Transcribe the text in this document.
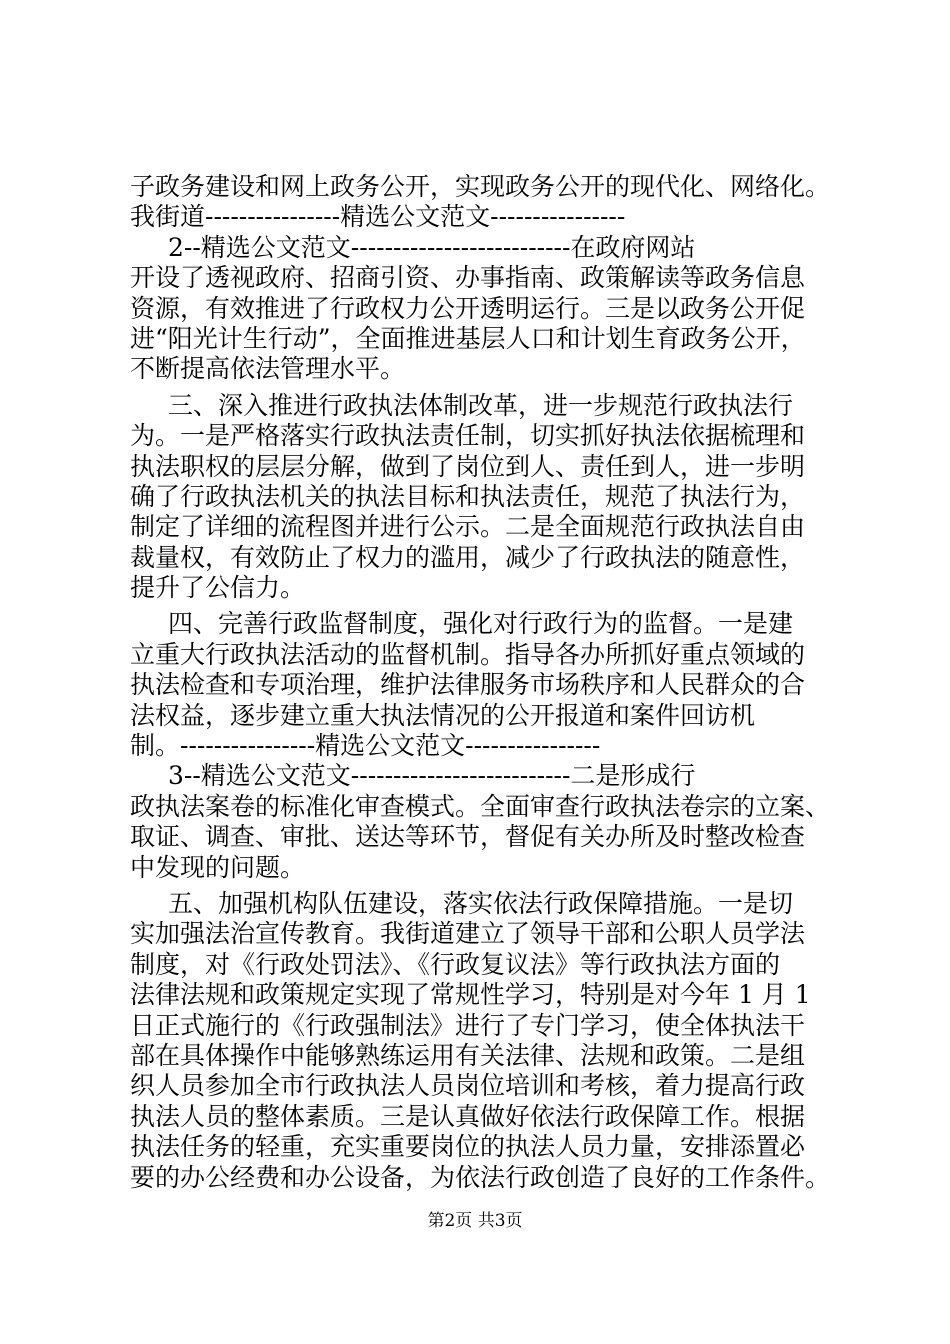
子政务建设和网上政务公开，实现政务公开的现代化、网络化。
我街道----------------精选公文范文----------------
2--精选公文范文--------------------------在政府网站
开设了透视政府、招商引资、办事指南、政策解读等政务信息
资源，有效推进了行政权力公开透明运行。三是以政务公开促
进“阳光计生行动”，全面推进基层人口和计划生育政务公开，
不断提高依法管理水平。
三、深入推进行政执法体制改革，进一步规范行政执法行
为。一是严格落实行政执法责任制，切实抓好执法依据梳理和
执法职权的层层分解，做到了岗位到人、责任到人，进一步明
确了行政执法机关的执法目标和执法责任，规范了执法行为，
制定了详细的流程图并进行公示。二是全面规范行政执法自由
裁量权，有效防止了权力的滥用，减少了行政执法的随意性，
提升了公信力。
四、完善行政监督制度，强化对行政行为的监督。一是建
立重大行政执法活动的监督机制。指导各办所抓好重点领域的
执法检查和专项治理，维护法律服务市场秩序和人民群众的合
法权益，逐步建立重大执法情况的公开报道和案件回访机
制。----------------精选公文范文----------------
3--精选公文范文--------------------------二是形成行
政执法案卷的标准化审查模式。全面审查行政执法卷宗的立案、
取证、调查、审批、送达等环节，督促有关办所及时整改检查
中发现的问题。
五、加强机构队伍建设，落实依法行政保障措施。一是切
实加强法治宣传教育。我街道建立了领导干部和公职人员学法
制度，对《行政处罚法》、《行政复议法》等行政执法方面的
法律法规和政策规定实现了常规性学习，特别是对今年 1 月 1
日正式施行的《行政强制法》进行了专门学习，使全体执法干
部在具体操作中能够熟练运用有关法律、法规和政策。二是组
织人员参加全市行政执法人员岗位培训和考核，着力提高行政
执法人员的整体素质。三是认真做好依法行政保障工作。根据
执法任务的轻重，充实重要岗位的执法人员力量，安排添置必
要的办公经费和办公设备，为依法行政创造了良好的工作条件。
第2页 共3页
